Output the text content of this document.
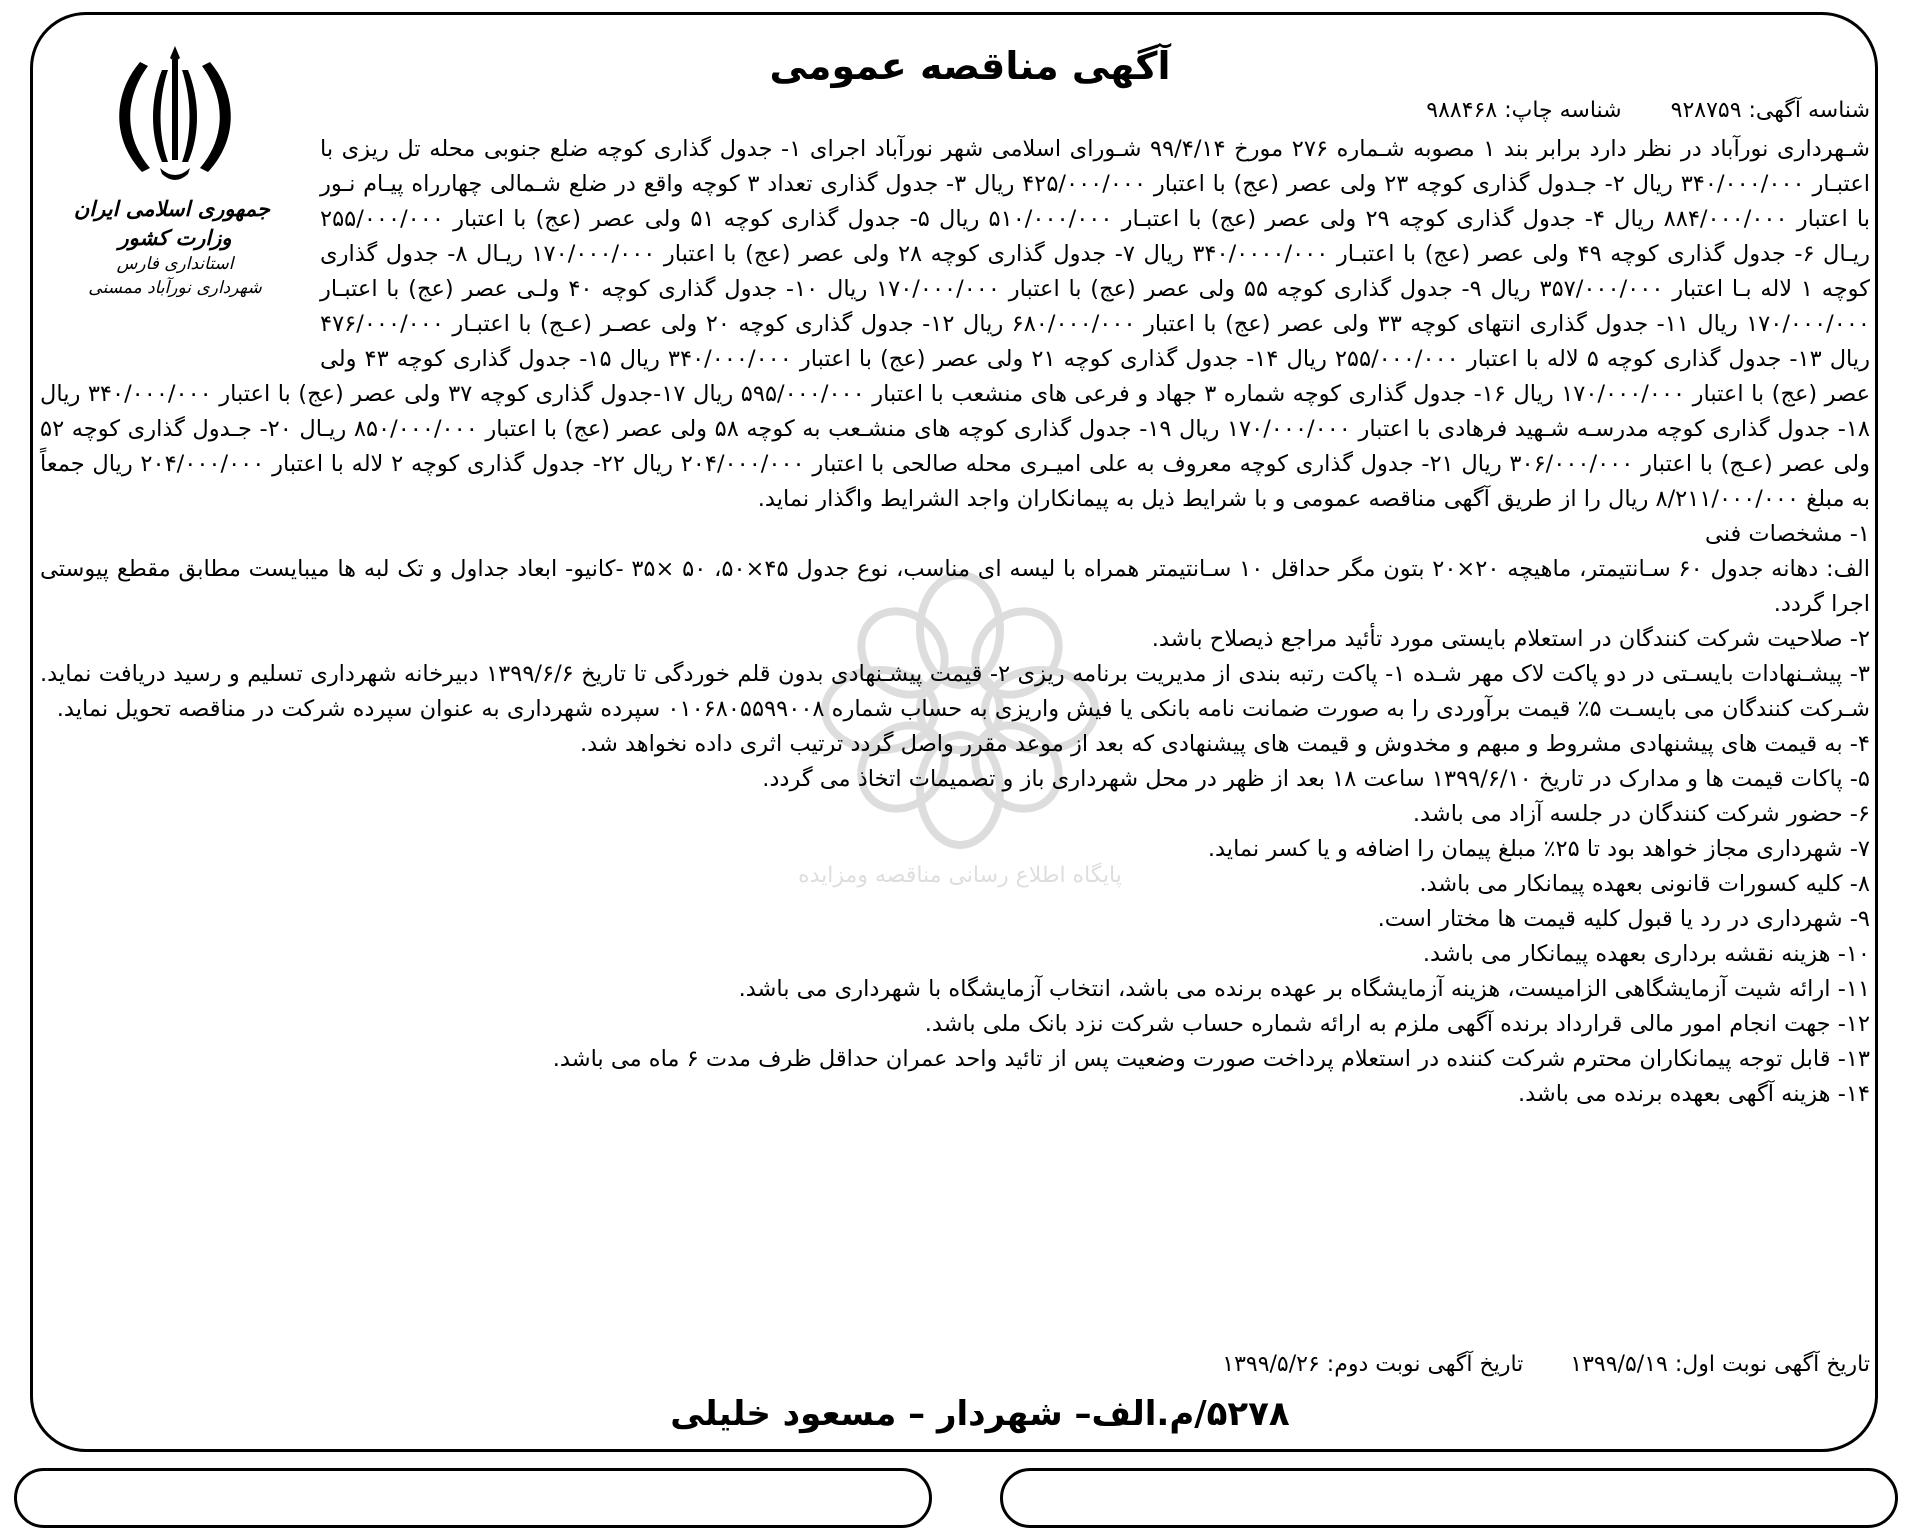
پایگاه اطلاع رسانی مناقصه ومزایده
جمهوری اسلامی ایران
وزارت کشور
استانداری فارس
شهرداری نورآباد ممسنی
آگهی مناقصه عمومی
شناسه آگهی: ۹۲۸۷۵۹ شناسه چاپ: ۹۸۸۴۶۸

شـهرداری نورآباد در نظر دارد برابر بند ۱ مصوبه شـماره ۲۷۶ مورخ ۹۹/۴/۱۴ شـورای اسلامی شهر نورآباد اجرای ۱- جدول گذاری کوچه ضلع جنوبی محله تل ریزی با اعتبـار ۳۴۰/۰۰۰/۰۰۰ ریال ۲- جـدول گذاری کوچه ۲۳ ولی عصر (عج) با اعتبار ۴۲۵/۰۰۰/۰۰۰ ریال ۳- جدول گذاری تعداد ۳ کوچه واقع در ضلع شـمالی چهارراه پیـام نـور با اعتبار ۸۸۴/۰۰۰/۰۰۰ ریال ۴- جدول گذاری کوچه ۲۹ ولی عصر (عج) با اعتبـار ۵۱۰/۰۰۰/۰۰۰ ریال ۵- جدول گذاری کوچه ۵۱ ولی عصر (عج) با اعتبار ۲۵۵/۰۰۰/۰۰۰ ریـال ۶- جدول گذاری کوچه ۴۹ ولی عصر (عج) با اعتبـار ۳۴۰/۰۰۰۰/۰۰۰ ریال ۷- جدول گذاری کوچه ۲۸ ولی عصر (عج) با اعتبار ۱۷۰/۰۰۰/۰۰۰ ریـال ۸- جدول گذاری کوچه ۱ لاله بـا اعتبار ۳۵۷/۰۰۰/۰۰۰ ریال ۹- جدول گذاری کوچه ۵۵ ولی عصر (عج) با اعتبار ۱۷۰/۰۰۰/۰۰۰ ریال ۱۰- جدول گذاری کوچه ۴۰ ولـی عصر (عج) با اعتبـار ۱۷۰/۰۰۰/۰۰۰ ریال ۱۱- جدول گذاری انتهای کوچه ۳۳ ولی عصر (عج) با اعتبار ۶۸۰/۰۰۰/۰۰۰ ریال ۱۲- جدول گذاری کوچه ۲۰ ولی عصـر (عـج) با اعتبـار ۴۷۶/۰۰۰/۰۰۰ ریال ۱۳- جدول گذاری کوچه ۵ لاله با اعتبار ۲۵۵/۰۰۰/۰۰۰ ریال ۱۴- جدول گذاری کوچه ۲۱ ولی عصر (عج) با اعتبار ۳۴۰/۰۰۰/۰۰۰ ریال ۱۵- جدول گذاری کوچه ۴۳ ولی عصر (عج) با اعتبار ۱۷۰/۰۰۰/۰۰۰ ریال ۱۶- جدول گذاری کوچه شماره ۳ جهاد و فرعی های منشعب با اعتبار ۵۹۵/۰۰۰/۰۰۰ ریال ۱۷-جدول گذاری کوچه ۳۷ ولی عصر (عج) با اعتبار ۳۴۰/۰۰۰/۰۰۰ ریال ۱۸- جدول گذاری کوچه مدرسـه شـهید فرهادی با اعتبار ۱۷۰/۰۰۰/۰۰۰ ریال ۱۹- جدول گذاری کوچه های منشـعب به کوچه ۵۸ ولی عصر (عج) با اعتبار ۸۵۰/۰۰۰/۰۰۰ ریـال ۲۰- جـدول گذاری کوچه ۵۲ ولی عصر (عـج) با اعتبار ۳۰۶/۰۰۰/۰۰۰ ریال ۲۱- جدول گذاری کوچه معروف به علی امیـری محله صالحی با اعتبار ۲۰۴/۰۰۰/۰۰۰ ریال ۲۲- جدول گذاری کوچه ۲ لاله با اعتبار ۲۰۴/۰۰۰/۰۰۰ ریال جمعاً به مبلغ ۸/۲۱۱/۰۰۰/۰۰۰ ریال را از طریق آگهی مناقصه عمومی و با شرایط ذیل به پیمانکاران واجد الشرایط واگذار نماید.

۱- مشخصات فنی

الف: دهانه جدول ۶۰ سـانتیمتر، ماهیچه ۲۰×۲۰ بتون مگر حداقل ۱۰ سـانتیمتر همراه با لیسه ای مناسب، نوع جدول ۴۵×۵۰، ۵۰ ×۳۵ -کانیو- ابعاد جداول و تک لبه ها میبایست مطابق مقطع پیوستی اجرا گردد.

۲- صلاحیت شرکت کنندگان در استعلام بایستی مورد تأئید مراجع ذیصلاح باشد.

۳- پیشـنهادات بایسـتی در دو پاکت لاک مهر شـده ۱- پاکت رتبه بندی از مدیریت برنامه ریزی ۲- قیمت پیشـنهادی بدون قلم خوردگی تا تاریخ ۱۳۹۹/۶/۶ دبیرخانه شهرداری تسلیم و رسید دریافت نماید. شـرکت کنندگان می بایسـت ۵٪ قیمت برآوردی را به صورت ضمانت نامه بانکی یا فیش واریزی به حساب شماره ۰۱۰۶۸۰۵۵۹۹۰۰۸ سپرده شهرداری به عنوان سپرده شرکت در مناقصه تحویل نماید.

۴- به قیمت های پیشنهادی مشروط و مبهم و مخدوش و قیمت های پیشنهادی که بعد از موعد مقرر واصل گردد ترتیب اثری داده نخواهد شد.

۵- پاکات قیمت ها و مدارک در تاریخ ۱۳۹۹/۶/۱۰ ساعت ۱۸ بعد از ظهر در محل شهرداری باز و تصمیمات اتخاذ می گردد.

۶- حضور شرکت کنندگان در جلسه آزاد می باشد.

۷- شهرداری مجاز خواهد بود تا ۲۵٪ مبلغ پیمان را اضافه و یا کسر نماید.

۸- کلیه کسورات قانونی بعهده پیمانکار می باشد.

۹- شهرداری در رد یا قبول کلیه قیمت ها مختار است.

۱۰- هزینه نقشه برداری بعهده پیمانکار می باشد.

۱۱- ارائه شیت آزمایشگاهی الزامیست، هزینه آزمایشگاه بر عهده برنده می باشد، انتخاب آزمایشگاه با شهرداری می باشد.

۱۲- جهت انجام امور مالی قرارداد برنده آگهی ملزم به ارائه شماره حساب شرکت نزد بانک ملی باشد.

۱۳- قابل توجه پیمانکاران محترم شرکت کننده در استعلام پرداخت صورت وضعیت پس از تائید واحد عمران حداقل ظرف مدت ۶ ماه می باشد.

۱۴- هزینه آگهی بعهده برنده می باشد.

تاریخ آگهی نوبت اول: ۱۳۹۹/۵/۱۹ تاریخ آگهی نوبت دوم: ۱۳۹۹/۵/۲۶
۵۲۷۸/م.الف– شهردار – مسعود خلیلی
